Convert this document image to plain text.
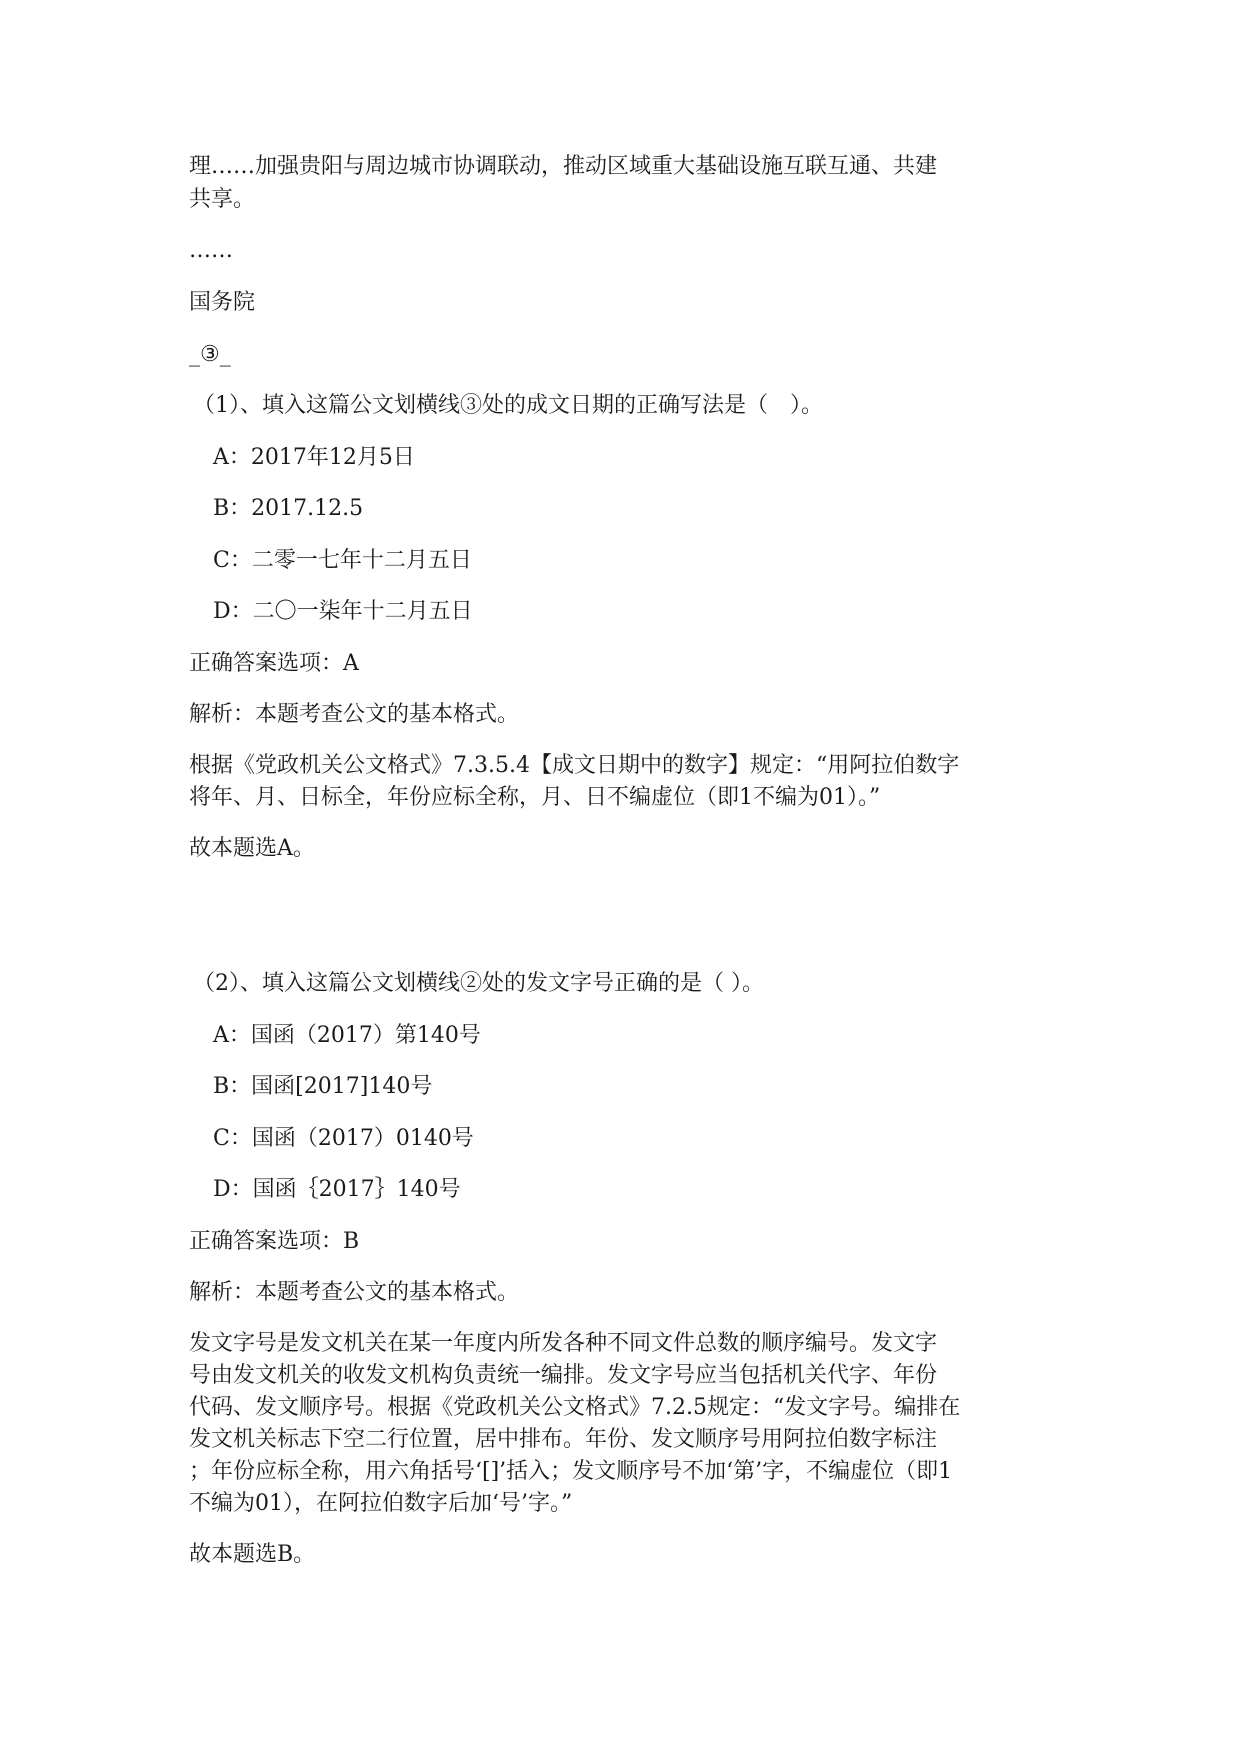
理……加强贵阳与周边城市协调联动，推动区域重大基础设施互联互通、共建
共享。
……
国务院
_③_
（1）、填入这篇公文划横线③处的成文日期的正确写法是（　）。
A：2017年12月5日
B：2017.12.5
C：二零一七年十二月五日
D：二〇一柒年十二月五日
正确答案选项：A
解析：本题考查公文的基本格式。
根据《党政机关公文格式》7.3.5.4【成文日期中的数字】规定：“用阿拉伯数字
将年、月、日标全，年份应标全称，月、日不编虚位（即1不编为01）。”
故本题选A。
（2）、填入这篇公文划横线②处的发文字号正确的是（ ）。
A：国函（2017）第140号
B：国函[2017]140号
C：国函（2017）0140号
D：国函｛2017｝140号
正确答案选项：B
解析：本题考查公文的基本格式。
发文字号是发文机关在某一年度内所发各种不同文件总数的顺序编号。发文字
号由发文机关的收发文机构负责统一编排。发文字号应当包括机关代字、年份
代码、发文顺序号。根据《党政机关公文格式》7.2.5规定：“发文字号。编排在
发文机关标志下空二行位置，居中排布。年份、发文顺序号用阿拉伯数字标注
；年份应标全称，用六角括号‘[]’括入；发文顺序号不加‘第’字，不编虚位（即1
不编为01），在阿拉伯数字后加‘号’字。”
故本题选B。
